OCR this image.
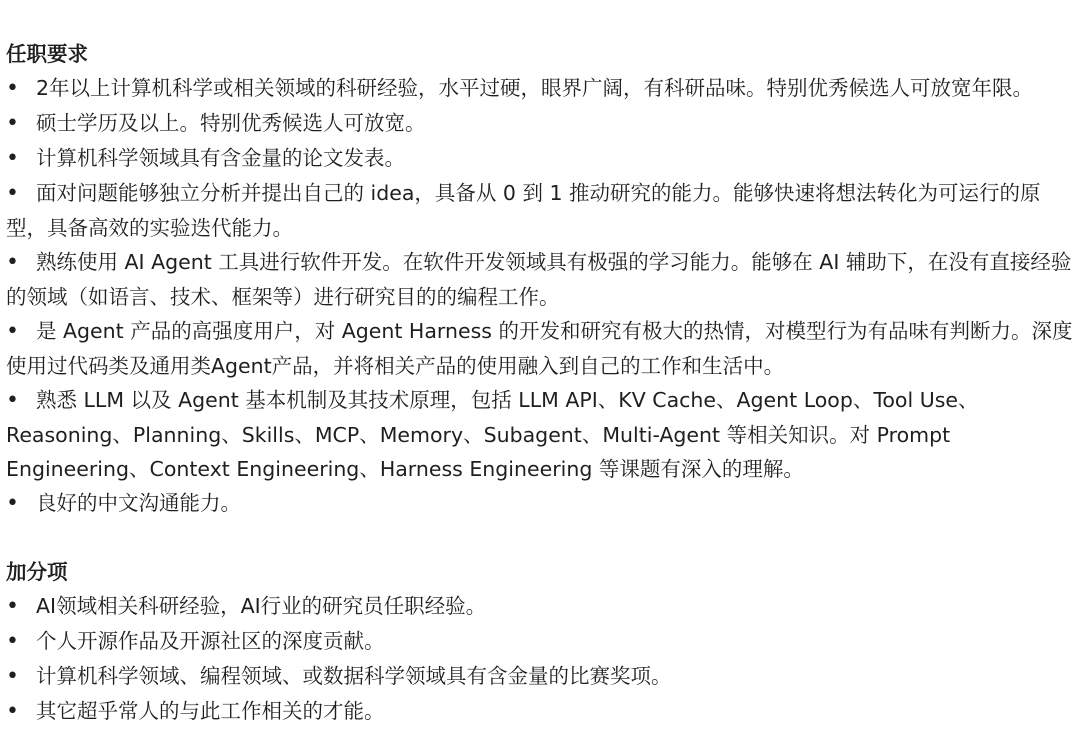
任职要求
• 2年以上计算机科学或相关领域的科研经验，水平过硬，眼界广阔，有科研品味。特别优秀候选人可放宽年限。
• 硕士学历及以上。特别优秀候选人可放宽。
• 计算机科学领域具有含金量的论文发表。
• 面对问题能够独立分析并提出自己的 idea，具备从 0 到 1 推动研究的能力。能够快速将想法转化为可运行的原型，具备高效的实验迭代能力。
• 熟练使用 AI Agent 工具进行软件开发。在软件开发领域具有极强的学习能力。能够在 AI 辅助下，在没有直接经验的领域（如语言、技术、框架等）进行研究目的的编程工作。
• 是 Agent 产品的高强度用户，对 Agent Harness 的开发和研究有极大的热情，对模型行为有品味有判断力。深度使用过代码类及通用类Agent产品，并将相关产品的使用融入到自己的工作和生活中。
• 熟悉 LLM 以及 Agent 基本机制及其技术原理，包括 LLM API、KV Cache、Agent Loop、Tool Use、Reasoning、Planning、Skills、MCP、Memory、Subagent、Multi-Agent 等相关知识。对 Prompt Engineering、Context Engineering、Harness Engineering 等课题有深入的理解。
• 良好的中文沟通能力。
加分项
• AI领域相关科研经验，AI行业的研究员任职经验。
• 个人开源作品及开源社区的深度贡献。
• 计算机科学领域、编程领域、或数据科学领域具有含金量的比赛奖项。
• 其它超乎常人的与此工作相关的才能。
